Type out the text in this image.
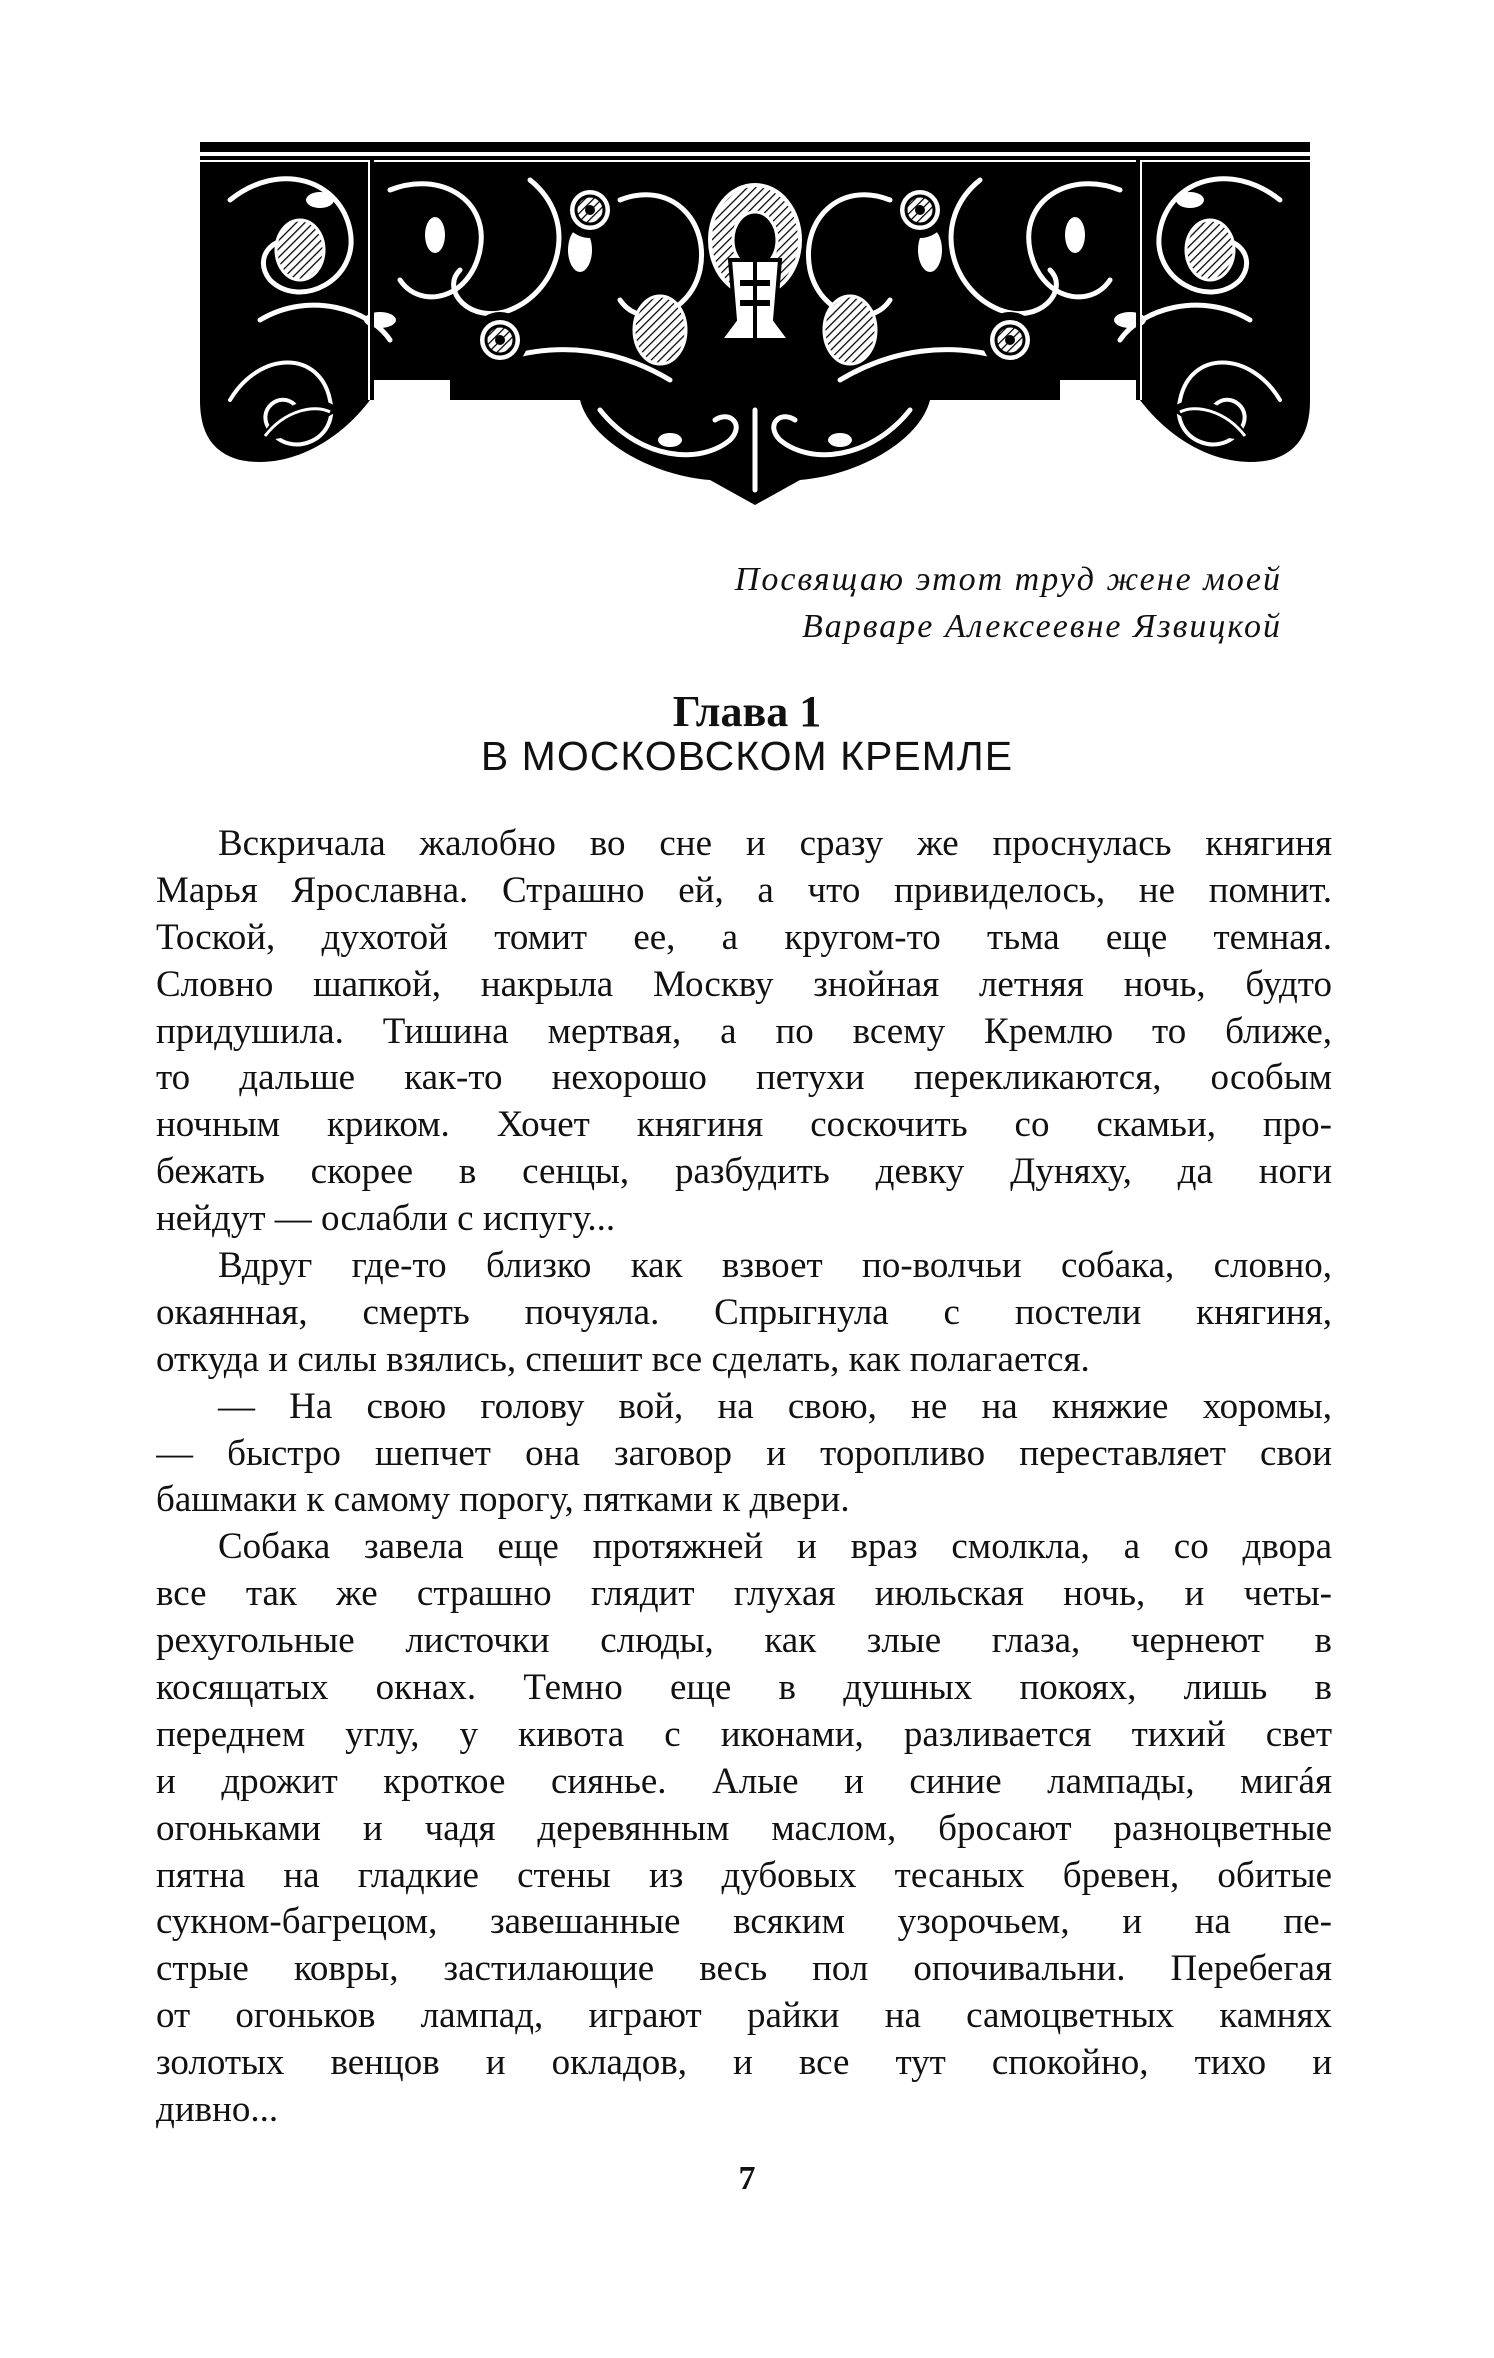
Посвящаю этот труд жене моей
Варваре Алексеевне Язвицкой
Глава 1
В МОСКОВСКОМ КРЕМЛЕ
Вскричала жалобно во сне и сразу же проснулась княгиня
Марья Ярославна. Страшно ей, а что привиделось, не помнит.
Тоской, духотой томит ее, а кругом-то тьма еще темная.
Словно шапкой, накрыла Москву знойная летняя ночь, будто
придушила. Тишина мертвая, а по всему Кремлю то ближе,
то дальше как-то нехорошо петухи перекликаются, особым
ночным криком. Хочет княгиня соскочить со скамьи, про-
бежать скорее в сенцы, разбудить девку Дуняху, да ноги
нейдут — ослабли с испугу...
Вдруг где-то близко как взвоет по-волчьи собака, словно,
окаянная, смерть почуяла. Спрыгнула с постели княгиня,
откуда и силы взялись, спешит все сделать, как полагается.
— На свою голову вой, на свою, не на княжие хоромы,
— быстро шепчет она заговор и торопливо переставляет свои
башмаки к самому порогу, пятками к двери.
Собака завела еще протяжней и враз смолкла, а со двора
все так же страшно глядит глухая июльская ночь, и четы-
рехугольные листочки слюды, как злые глаза, чернеют в
косящатых окнах. Темно еще в душных покоях, лишь в
переднем углу, у кивота с иконами, разливается тихий свет
и дрожит кроткое сиянье. Алые и синие лампады, мигáя
огоньками и чадя деревянным маслом, бросают разноцветные
пятна на гладкие стены из дубовых тесаных бревен, обитые
сукном-багрецом, завешанные всяким узорочьем, и на пе-
стрые ковры, застилающие весь пол опочивальни. Перебегая
от огоньков лампад, играют райки на самоцветных камнях
золотых венцов и окладов, и все тут спокойно, тихо и
дивно...
7
